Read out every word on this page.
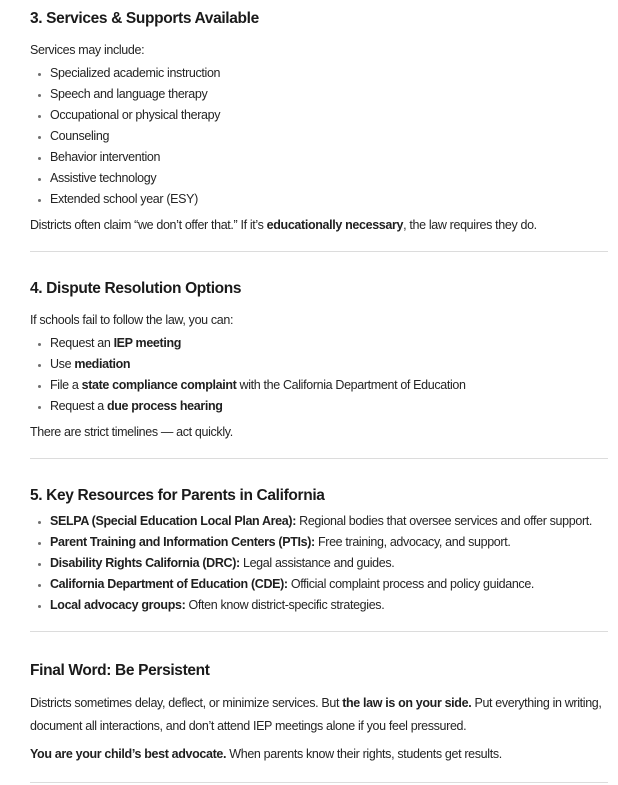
3. Services & Supports Available

Services may include:

• Specialized academic instruction
• Speech and language therapy
• Occupational or physical therapy
• Counseling
• Behavior intervention
• Assistive technology
• Extended school year (ESY)

Districts often claim “we don’t offer that.” If it’s educationally necessary, the law requires they do.

4. Dispute Resolution Options

If schools fail to follow the law, you can:

• Request an IEP meeting
• Use mediation
• File a state compliance complaint with the California Department of Education
• Request a due process hearing

There are strict timelines — act quickly.

5. Key Resources for Parents in California
• SELPA (Special Education Local Plan Area): Regional bodies that oversee services and offer support.
• Parent Training and Information Centers (PTIs): Free training, advocacy, and support.
• Disability Rights California (DRC): Legal assistance and guides.
• California Department of Education (CDE): Official complaint process and policy guidance.
• Local advocacy groups: Often know district-specific strategies.
Final Word: Be Persistent

Districts sometimes delay, deflect, or minimize services. But the law is on your side. Put everything in writing,
document all interactions, and don’t attend IEP meetings alone if you feel pressured.

You are your child’s best advocate. When parents know their rights, students get results.
